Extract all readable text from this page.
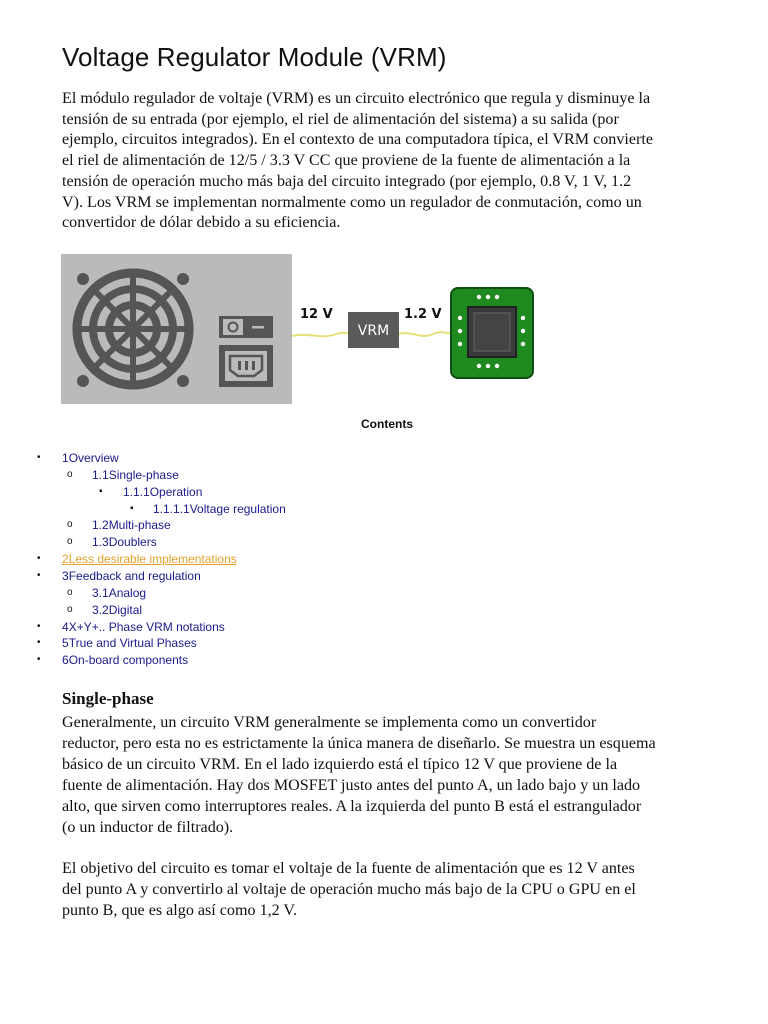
Voltage Regulator Module (VRM)
El módulo regulador de voltaje (VRM) es un circuito electrónico que regula y disminuye la
tensión de su entrada (por ejemplo, el riel de alimentación del sistema) a su salida (por
ejemplo, circuitos integrados). En el contexto de una computadora típica, el VRM convierte
el riel de alimentación de 12/5 / 3.3 V CC que proviene de la fuente de alimentación a la
tensión de operación mucho más baja del circuito integrado (por ejemplo, 0.8 V, 1 V, 1.2
V). Los VRM se implementan normalmente como un regulador de conmutación, como un
convertidor de dólar debido a su eficiencia.
12 V	1.2 V
VRM
Contents
• 1Overview
o 1.1Single-phase
▪ 1.1.1Operation
▪ 1.1.1.1Voltage regulation
o 1.2Multi-phase
o 1.3Doublers
• 2Less desirable implementations
• 3Feedback and regulation
o 3.1Analog
o 3.2Digital
• 4X+Y+.. Phase VRM notations
• 5True and Virtual Phases
• 6On-board components
Single-phase
Generalmente, un circuito VRM generalmente se implementa como un convertidor
reductor, pero esta no es estrictamente la única manera de diseñarlo. Se muestra un esquema
básico de un circuito VRM. En el lado izquierdo está el típico 12 V que proviene de la
fuente de alimentación. Hay dos MOSFET justo antes del punto A, un lado bajo y un lado
alto, que sirven como interruptores reales. A la izquierda del punto B está el estrangulador
(o un inductor de filtrado).
El objetivo del circuito es tomar el voltaje de la fuente de alimentación que es 12 V antes
del punto A y convertirlo al voltaje de operación mucho más bajo de la CPU o GPU en el
punto B, que es algo así como 1,2 V.
